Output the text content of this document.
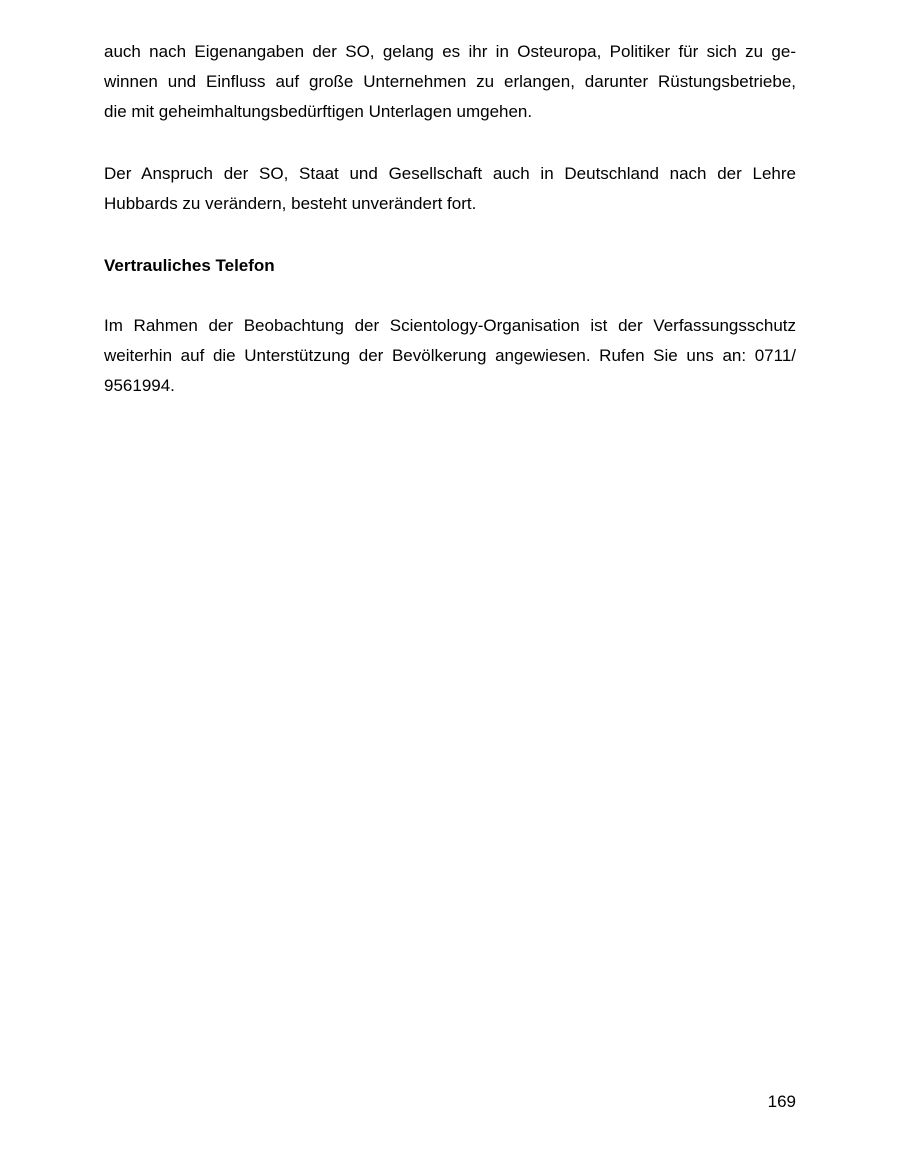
auch nach Eigenangaben der SO, gelang es ihr in Osteuropa, Politiker für sich zu ge-
winnen und Einfluss auf große Unternehmen zu erlangen, darunter Rüstungsbetriebe,
die mit geheimhaltungsbedürftigen Unterlagen umgehen.

Der Anspruch der SO, Staat und Gesellschaft auch in Deutschland nach der Lehre
Hubbards zu verändern, besteht unverändert fort.

Vertrauliches Telefon

Im Rahmen der Beobachtung der Scientology-Organisation ist der Verfassungsschutz
weiterhin auf die Unterstützung der Bevölkerung angewiesen. Rufen Sie uns an: 0711/
9561994.

169
